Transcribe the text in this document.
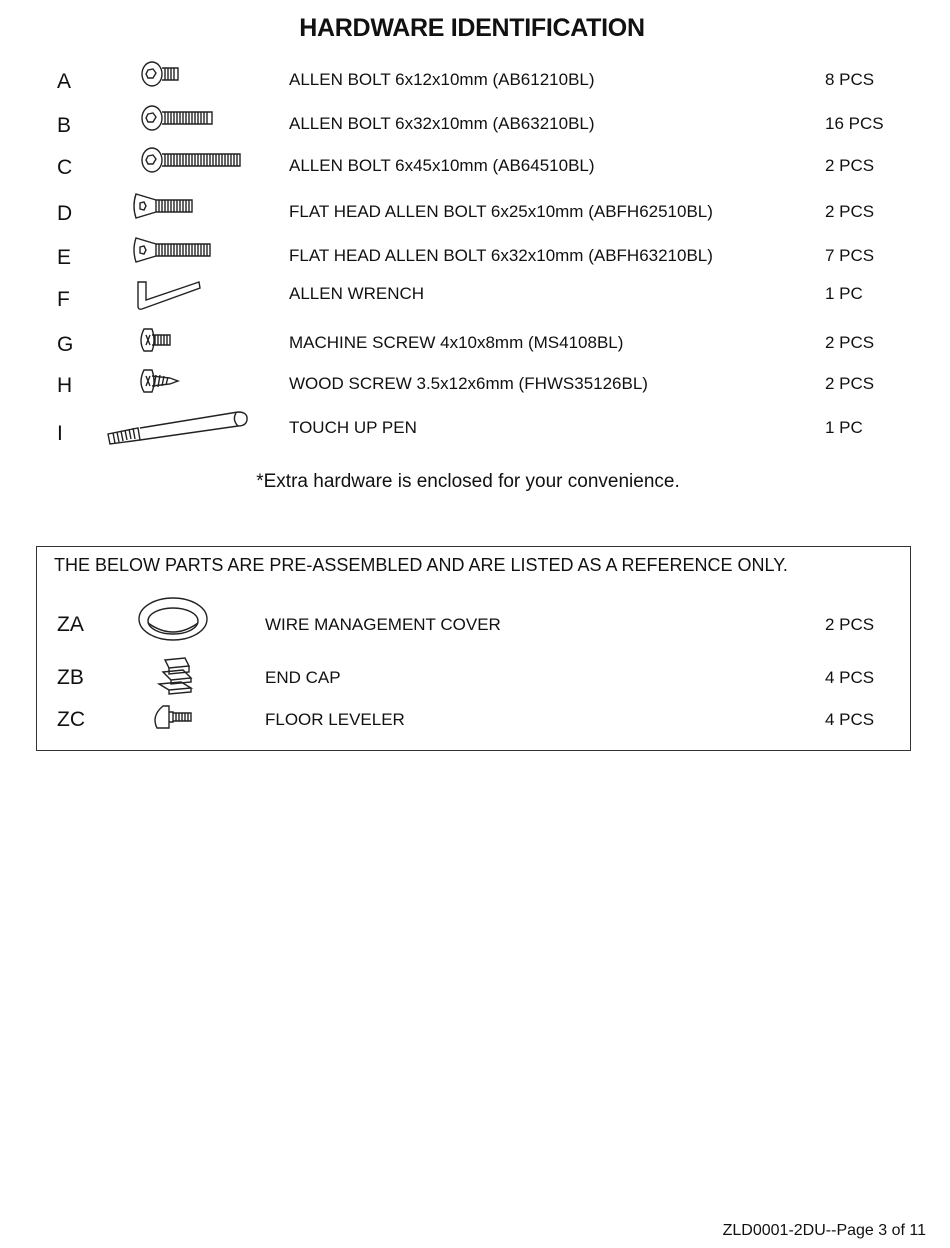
HARDWARE IDENTIFICATION
A	ALLEN BOLT 6x12x10mm (AB61210BL)	8 PCS
B	ALLEN BOLT 6x32x10mm (AB63210BL)	16 PCS
C	ALLEN BOLT 6x45x10mm (AB64510BL)	2 PCS
D	FLAT HEAD ALLEN BOLT 6x25x10mm (ABFH62510BL)	2 PCS
E	FLAT HEAD ALLEN BOLT 6x32x10mm (ABFH63210BL)	7 PCS
F	ALLEN WRENCH	1 PC
G	MACHINE SCREW 4x10x8mm (MS4108BL)	2 PCS
H	WOOD SCREW 3.5x12x6mm (FHWS35126BL)	2 PCS
I	TOUCH UP PEN	1 PC
*Extra hardware is enclosed for your convenience.
THE BELOW PARTS ARE PRE-ASSEMBLED AND ARE LISTED AS A REFERENCE ONLY.
ZA	WIRE MANAGEMENT COVER	2 PCS
ZB	END CAP	4 PCS
ZC	FLOOR LEVELER	4 PCS
ZLD0001-2DU--Page 3 of 11
